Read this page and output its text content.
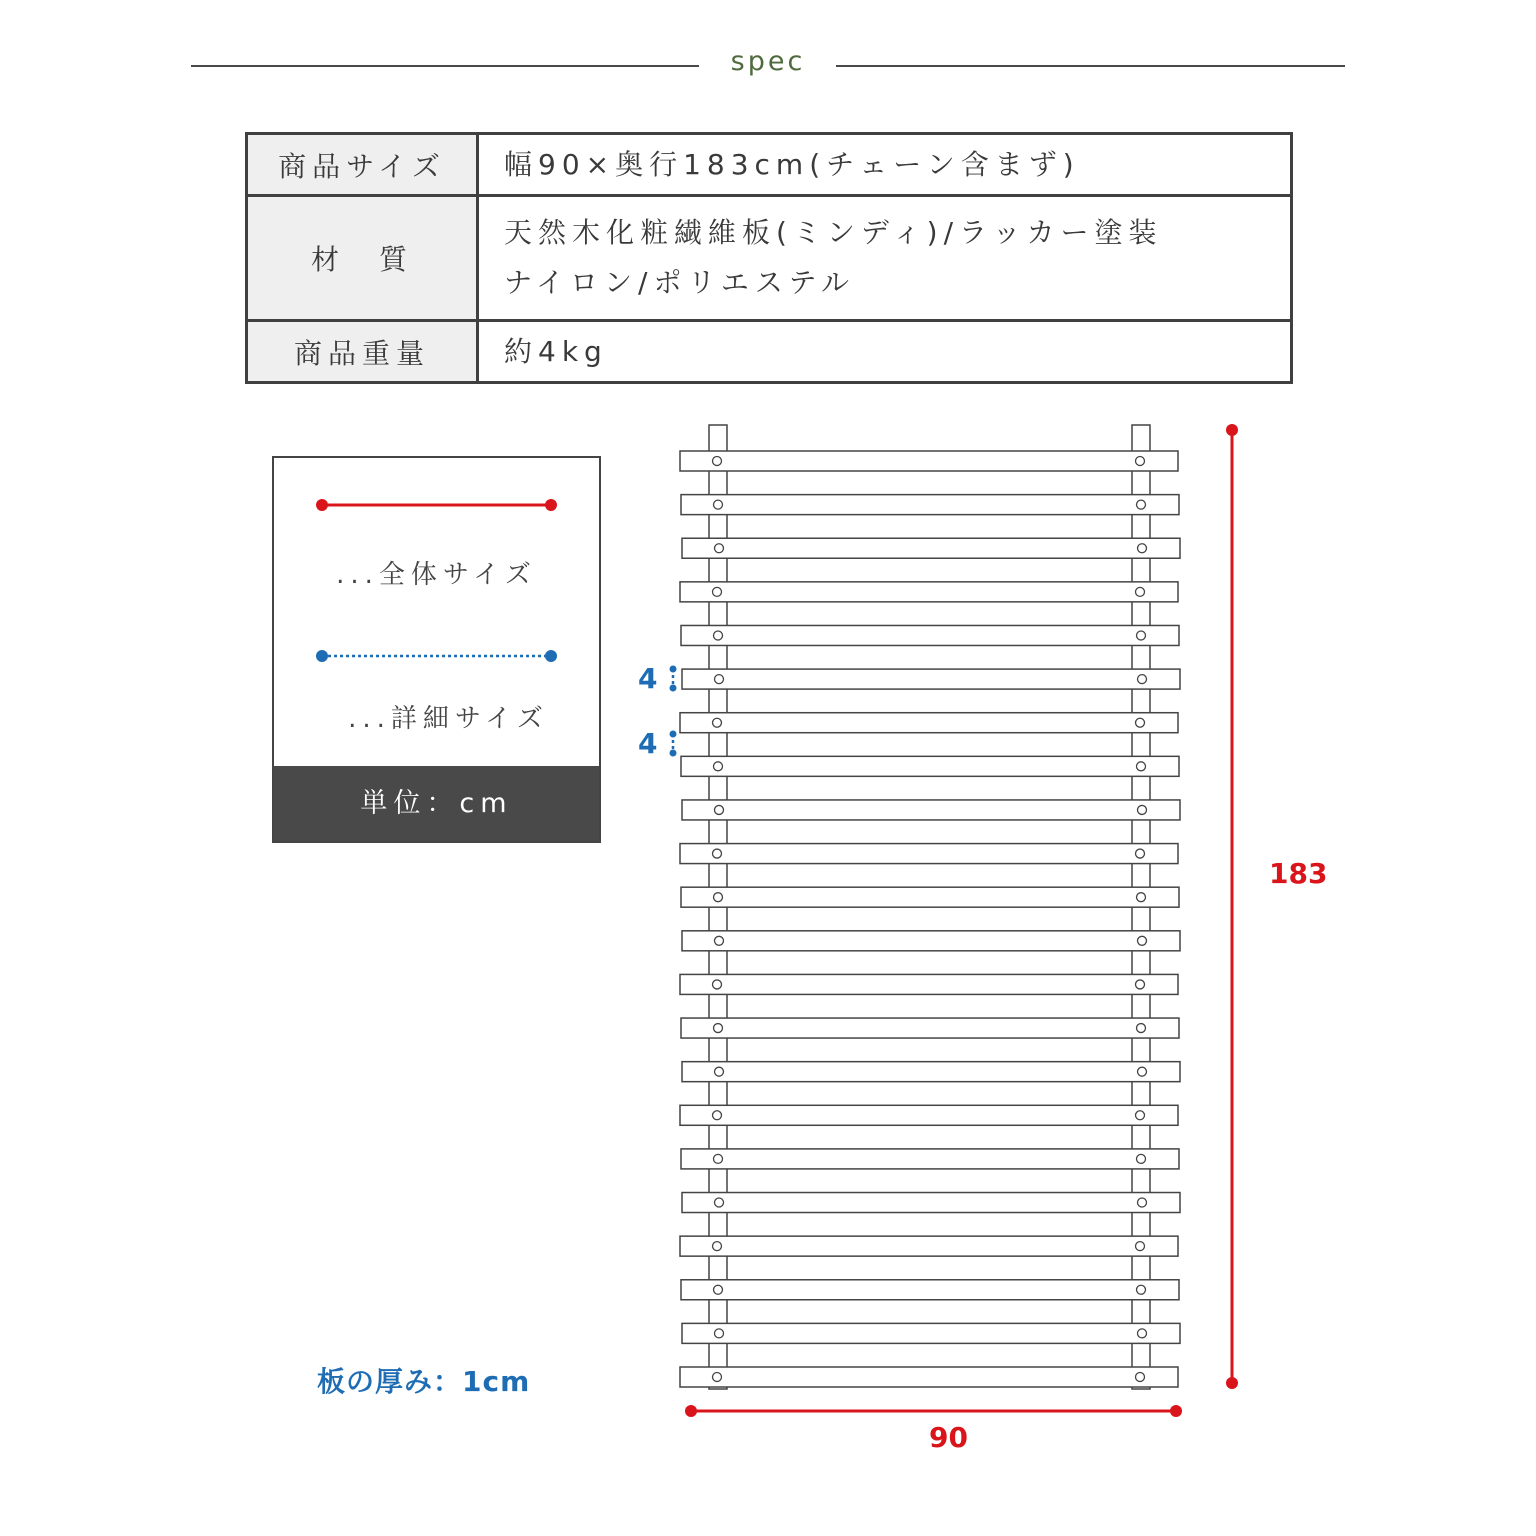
spec
商品サイズ	幅90×奥行183cm(チェーン含まず)

材　質	天然木化粧繊維板(ミンディ)/ラッカー塗装
ナイロン/ポリエステル

商品重量	約4kg
...全体サイズ
...詳細サイズ
単位：cm
板の厚み：1cm
183
90
4
4
